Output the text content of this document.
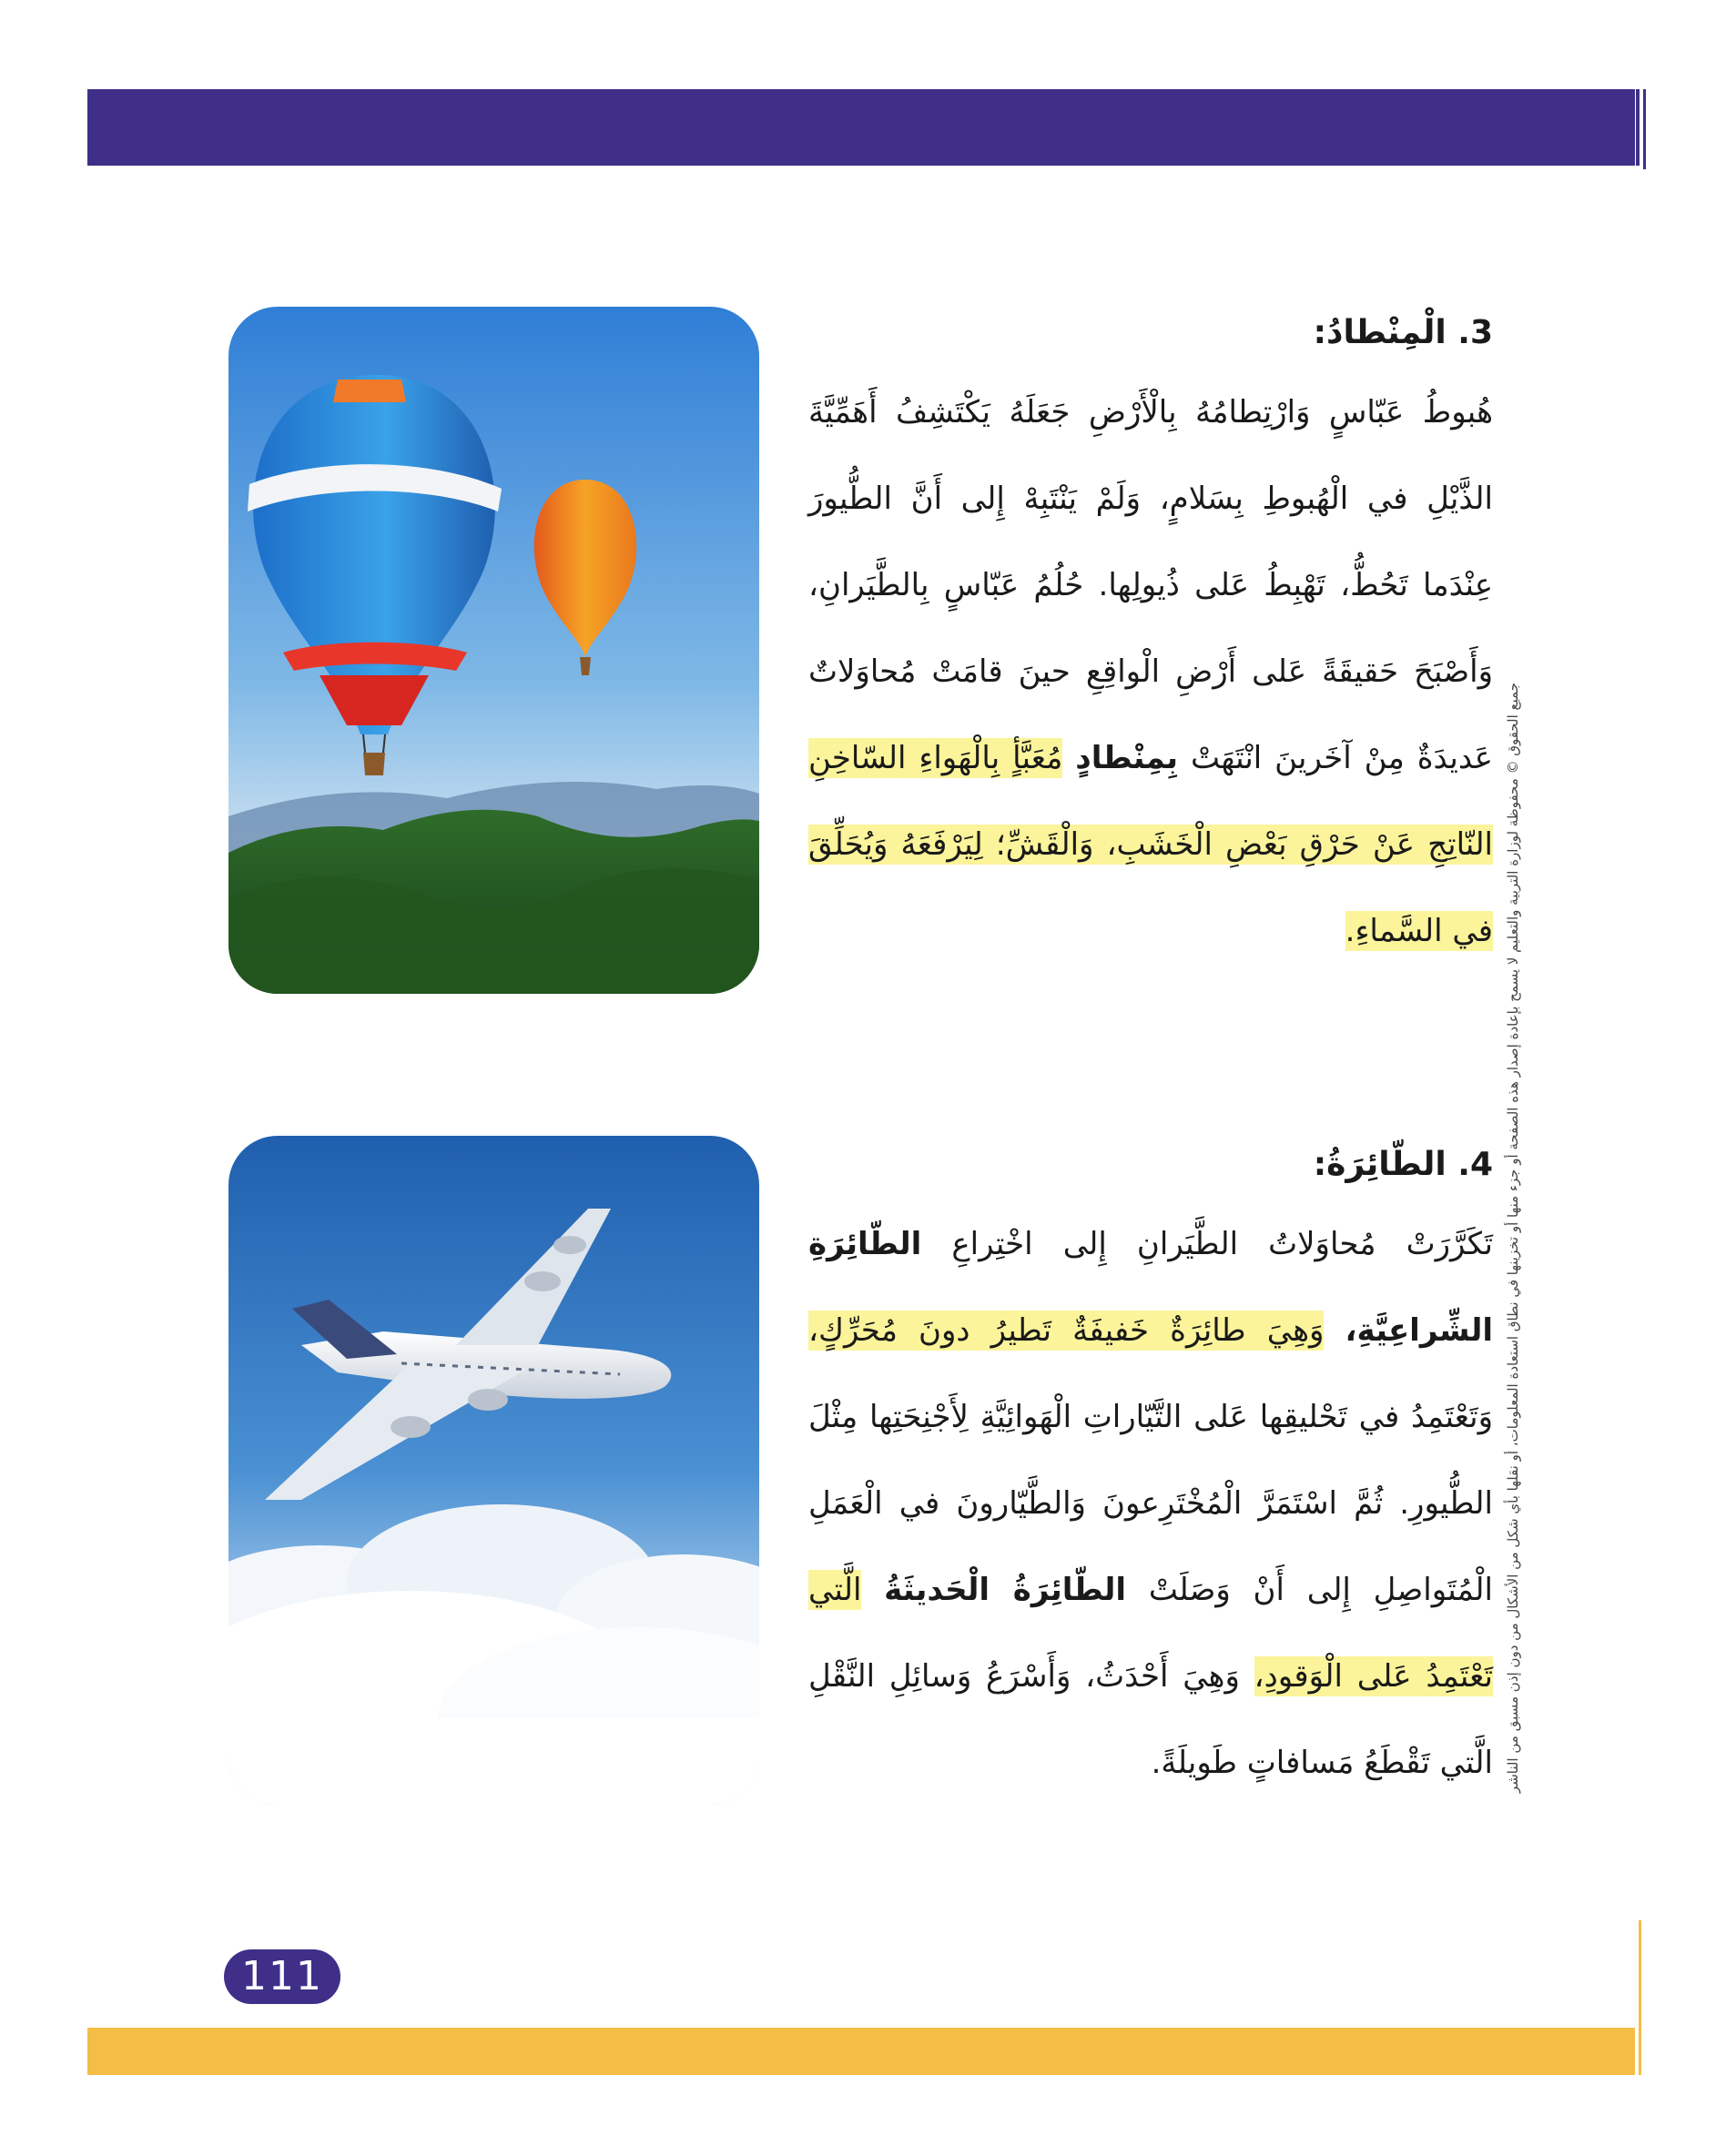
3. الْمِنْطادُ:

هُبوطُ عَبّاسٍ وَارْتِطامُهُ بِالْأَرْضِ جَعَلَهُ يَكْتَشِفُ أَهَمِّيَّةَ الذَّيْلِ في الْهُبوطِ بِسَلامٍ، وَلَمْ يَنْتَبِهْ إِلى أَنَّ الطُّيورَ عِنْدَما تَحُطُّ، تَهْبِطُ عَلى ذُيولِها. حُلُمُ عَبّاسٍ بِالطَّيَرانِ، وَأَصْبَحَ حَقيقَةً عَلى أَرْضِ الْواقِعِ حينَ قامَتْ مُحاوَلاتٌ عَديدَةٌ مِنْ آخَرينَ انْتَهَتْ بِمِنْطادٍ مُعَبَّأٍ بِالْهَواءِ السّاخِنِ النّاتِجِ عَنْ حَرْقِ بَعْضِ الْخَشَبِ، وَالْقَشِّ؛ لِيَرْفَعَهُ وَيُحَلِّقَ في السَّماءِ.

4. الطّائِرَةُ:

تَكَرَّرَتْ مُحاوَلاتُ الطَّيَرانِ إِلى اخْتِراعِ الطّائِرَةِ الشِّراعِيَّةِ، وَهِيَ طائِرَةٌ خَفيفَةٌ تَطيرُ دونَ مُحَرِّكٍ، وَتَعْتَمِدُ في تَحْليقِها عَلى التَّيّاراتِ الْهَوائِيَّةِ لِأَجْنِحَتِها مِثْلَ الطُّيورِ. ثُمَّ اسْتَمَرَّ الْمُخْتَرِعونَ وَالطَّيّارونَ في الْعَمَلِ الْمُتَواصِلِ إِلى أَنْ وَصَلَتْ الطّائِرَةُ الْحَديثَةُ الَّتي تَعْتَمِدُ عَلى الْوَقودِ، وَهِيَ أَحْدَثُ، وَأَسْرَعُ وَسائِلِ النَّقْلِ الَّتي تَقْطَعُ مَسافاتٍ طَويلَةً. جميع الحقوق © محفوظة لوزارة التربية والتعليم لا يسمح بإعادة إصدار هذه الصفحة أو جزء منها أو تخزينها في نطاق استعادة المعلومات، أو نقلها بأي شكل من الأشكال من دون إذن مسبق من الناشر
111
